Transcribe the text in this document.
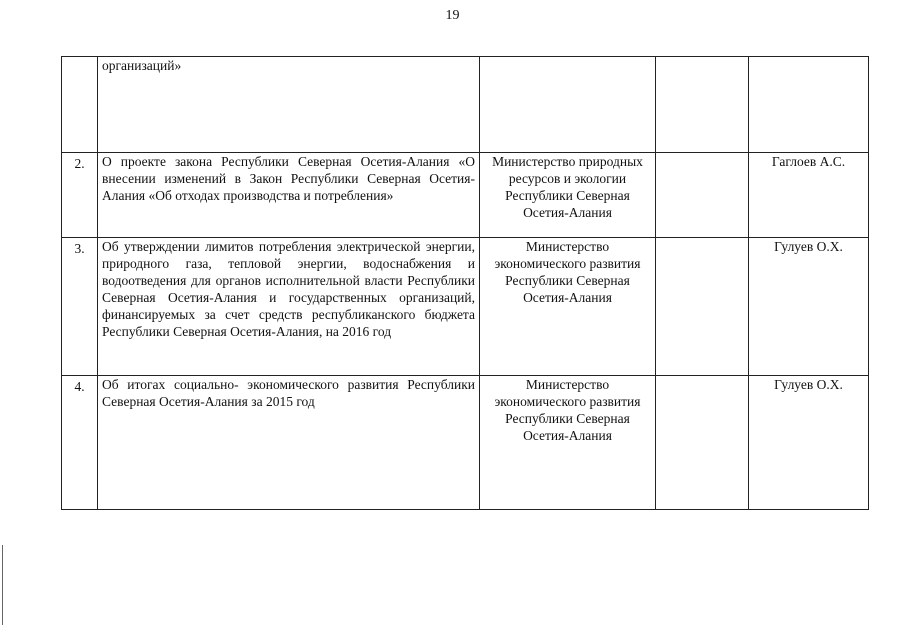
19
	организаций»			
2.	О проекте закона Республики Северная Осетия-Алания «О внесении изменений в Закон Республики Северная Осетия-Алания «Об отходах производства и потребления»	Министерство природных ресурсов и экологии Республики Северная Осетия-Алания		Гаглоев А.С.
3.	Об утверждении лимитов потребления электрической энергии, природного газа, тепловой энергии, водоснабжения и водоотведения для органов исполнительной власти Республики Северная Осетия-Алания и государственных организаций, финансируемых за счет средств республиканского бюджета Республики Северная Осетия-Алания, на 2016 год	Министерство экономического развития Республики Северная Осетия-Алания		Гулуев О.Х.
4.	Об итогах социально- экономического развития Республики Северная Осетия-Алания за 2015 год	Министерство экономического развития Республики Северная Осетия-Алания		Гулуев О.Х.
